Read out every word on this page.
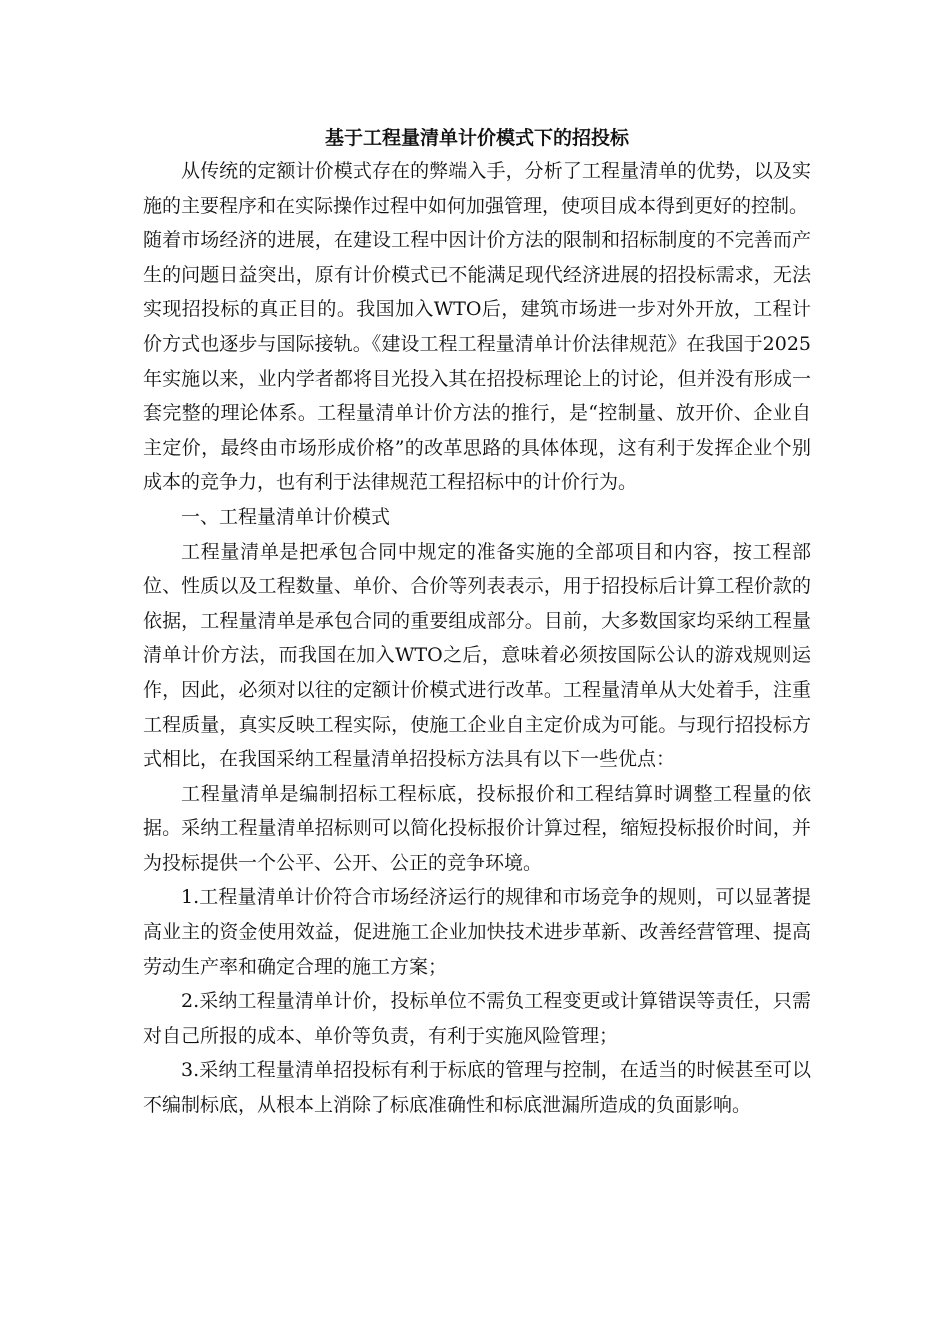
基于工程量清单计价模式下的招投标

从传统的定额计价模式存在的弊端入手，分析了工程量清单的优势，以及实施的主要程序和在实际操作过程中如何加强管理，使项目成本得到更好的控制。

随着市场经济的进展，在建设工程中因计价方法的限制和招标制度的不完善而产生的问题日益突出，原有计价模式已不能满足现代经济进展的招投标需求，无法实现招投标的真正目的。我国加入WTO后，建筑市场进一步对外开放，工程计价方式也逐步与国际接轨。《建设工程工程量清单计价法律规范》在我国于2025年实施以来，业内学者都将目光投入其在招投标理论上的讨论，但并没有形成一套完整的理论体系。工程量清单计价方法的推行，是“控制量、放开价、企业自主定价，最终由市场形成价格”的改革思路的具体体现，这有利于发挥企业个别成本的竞争力，也有利于法律规范工程招标中的计价行为。

一、工程量清单计价模式

工程量清单是把承包合同中规定的准备实施的全部项目和内容，按工程部位、性质以及工程数量、单价、合价等列表表示，用于招投标后计算工程价款的依据，工程量清单是承包合同的重要组成部分。目前，大多数国家均采纳工程量清单计价方法，而我国在加入WTO之后，意味着必须按国际公认的游戏规则运作，因此，必须对以往的定额计价模式进行改革。工程量清单从大处着手，注重工程质量，真实反映工程实际，使施工企业自主定价成为可能。与现行招投标方式相比，在我国采纳工程量清单招投标方法具有以下一些优点：

工程量清单是编制招标工程标底，投标报价和工程结算时调整工程量的依据。采纳工程量清单招标则可以简化投标报价计算过程，缩短投标报价时间，并为投标提供一个公平、公开、公正的竞争环境。

1.工程量清单计价符合市场经济运行的规律和市场竞争的规则，可以显著提高业主的资金使用效益，促进施工企业加快技术进步革新、改善经营管理、提高劳动生产率和确定合理的施工方案；

2.采纳工程量清单计价，投标单位不需负工程变更或计算错误等责任，只需对自己所报的成本、单价等负责，有利于实施风险管理；

3.采纳工程量清单招投标有利于标底的管理与控制，在适当的时候甚至可以不编制标底，从根本上消除了标底准确性和标底泄漏所造成的负面影响。
